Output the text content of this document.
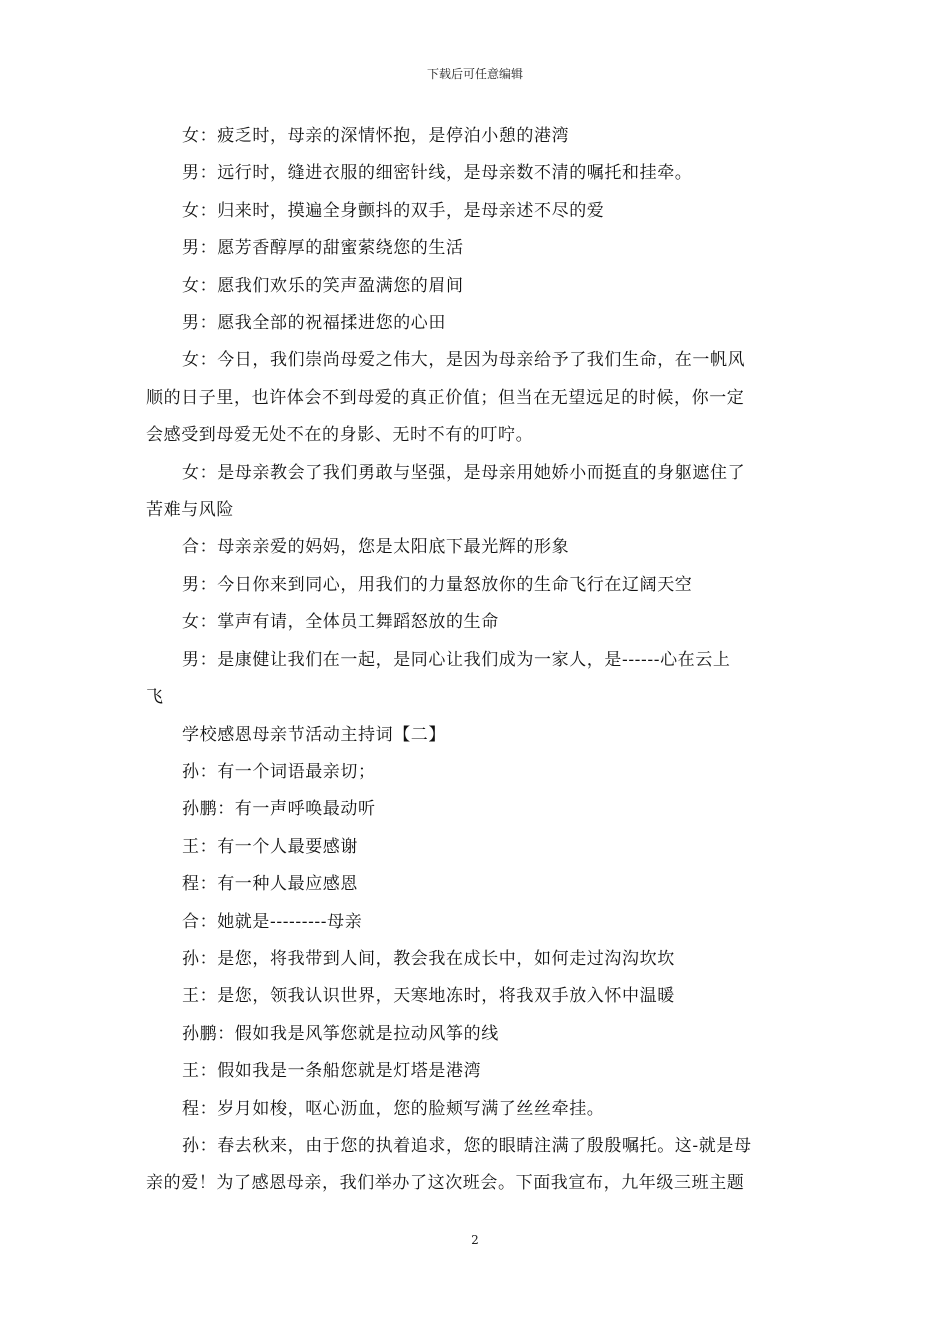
下载后可任意编辑

女：疲乏时，母亲的深情怀抱，是停泊小憩的港湾

男：远行时，缝进衣服的细密针线，是母亲数不清的嘱托和挂牵。

女：归来时，摸遍全身颤抖的双手，是母亲述不尽的爱

男：愿芳香醇厚的甜蜜萦绕您的生活

女：愿我们欢乐的笑声盈满您的眉间

男：愿我全部的祝福揉进您的心田

女：今日，我们崇尚母爱之伟大，是因为母亲给予了我们生命，在一帆风
顺的日子里，也许体会不到母爱的真正价值；但当在无望远足的时候，你一定
会感受到母爱无处不在的身影、无时不有的叮咛。

女：是母亲教会了我们勇敢与坚强，是母亲用她娇小而挺直的身躯遮住了
苦难与风险

合：母亲亲爱的妈妈，您是太阳底下最光辉的形象

男：今日你来到同心，用我们的力量怒放你的生命飞行在辽阔天空

女：掌声有请，全体员工舞蹈怒放的生命

男：是康健让我们在一起，是同心让我们成为一家人，是------心在云上
飞

学校感恩母亲节活动主持词【二】

孙：有一个词语最亲切；

孙鹏：有一声呼唤最动听

王：有一个人最要感谢

程：有一种人最应感恩

合：她就是---------母亲

孙：是您，将我带到人间，教会我在成长中，如何走过沟沟坎坎

王：是您，领我认识世界，天寒地冻时，将我双手放入怀中温暖

孙鹏：假如我是风筝您就是拉动风筝的线

王：假如我是一条船您就是灯塔是港湾

程：岁月如梭，呕心沥血，您的脸颊写满了丝丝牵挂。

孙：春去秋来，由于您的执着追求，您的眼睛注满了殷殷嘱托。这-就是母
亲的爱！为了感恩母亲，我们举办了这次班会。下面我宣布，九年级三班主题

2
